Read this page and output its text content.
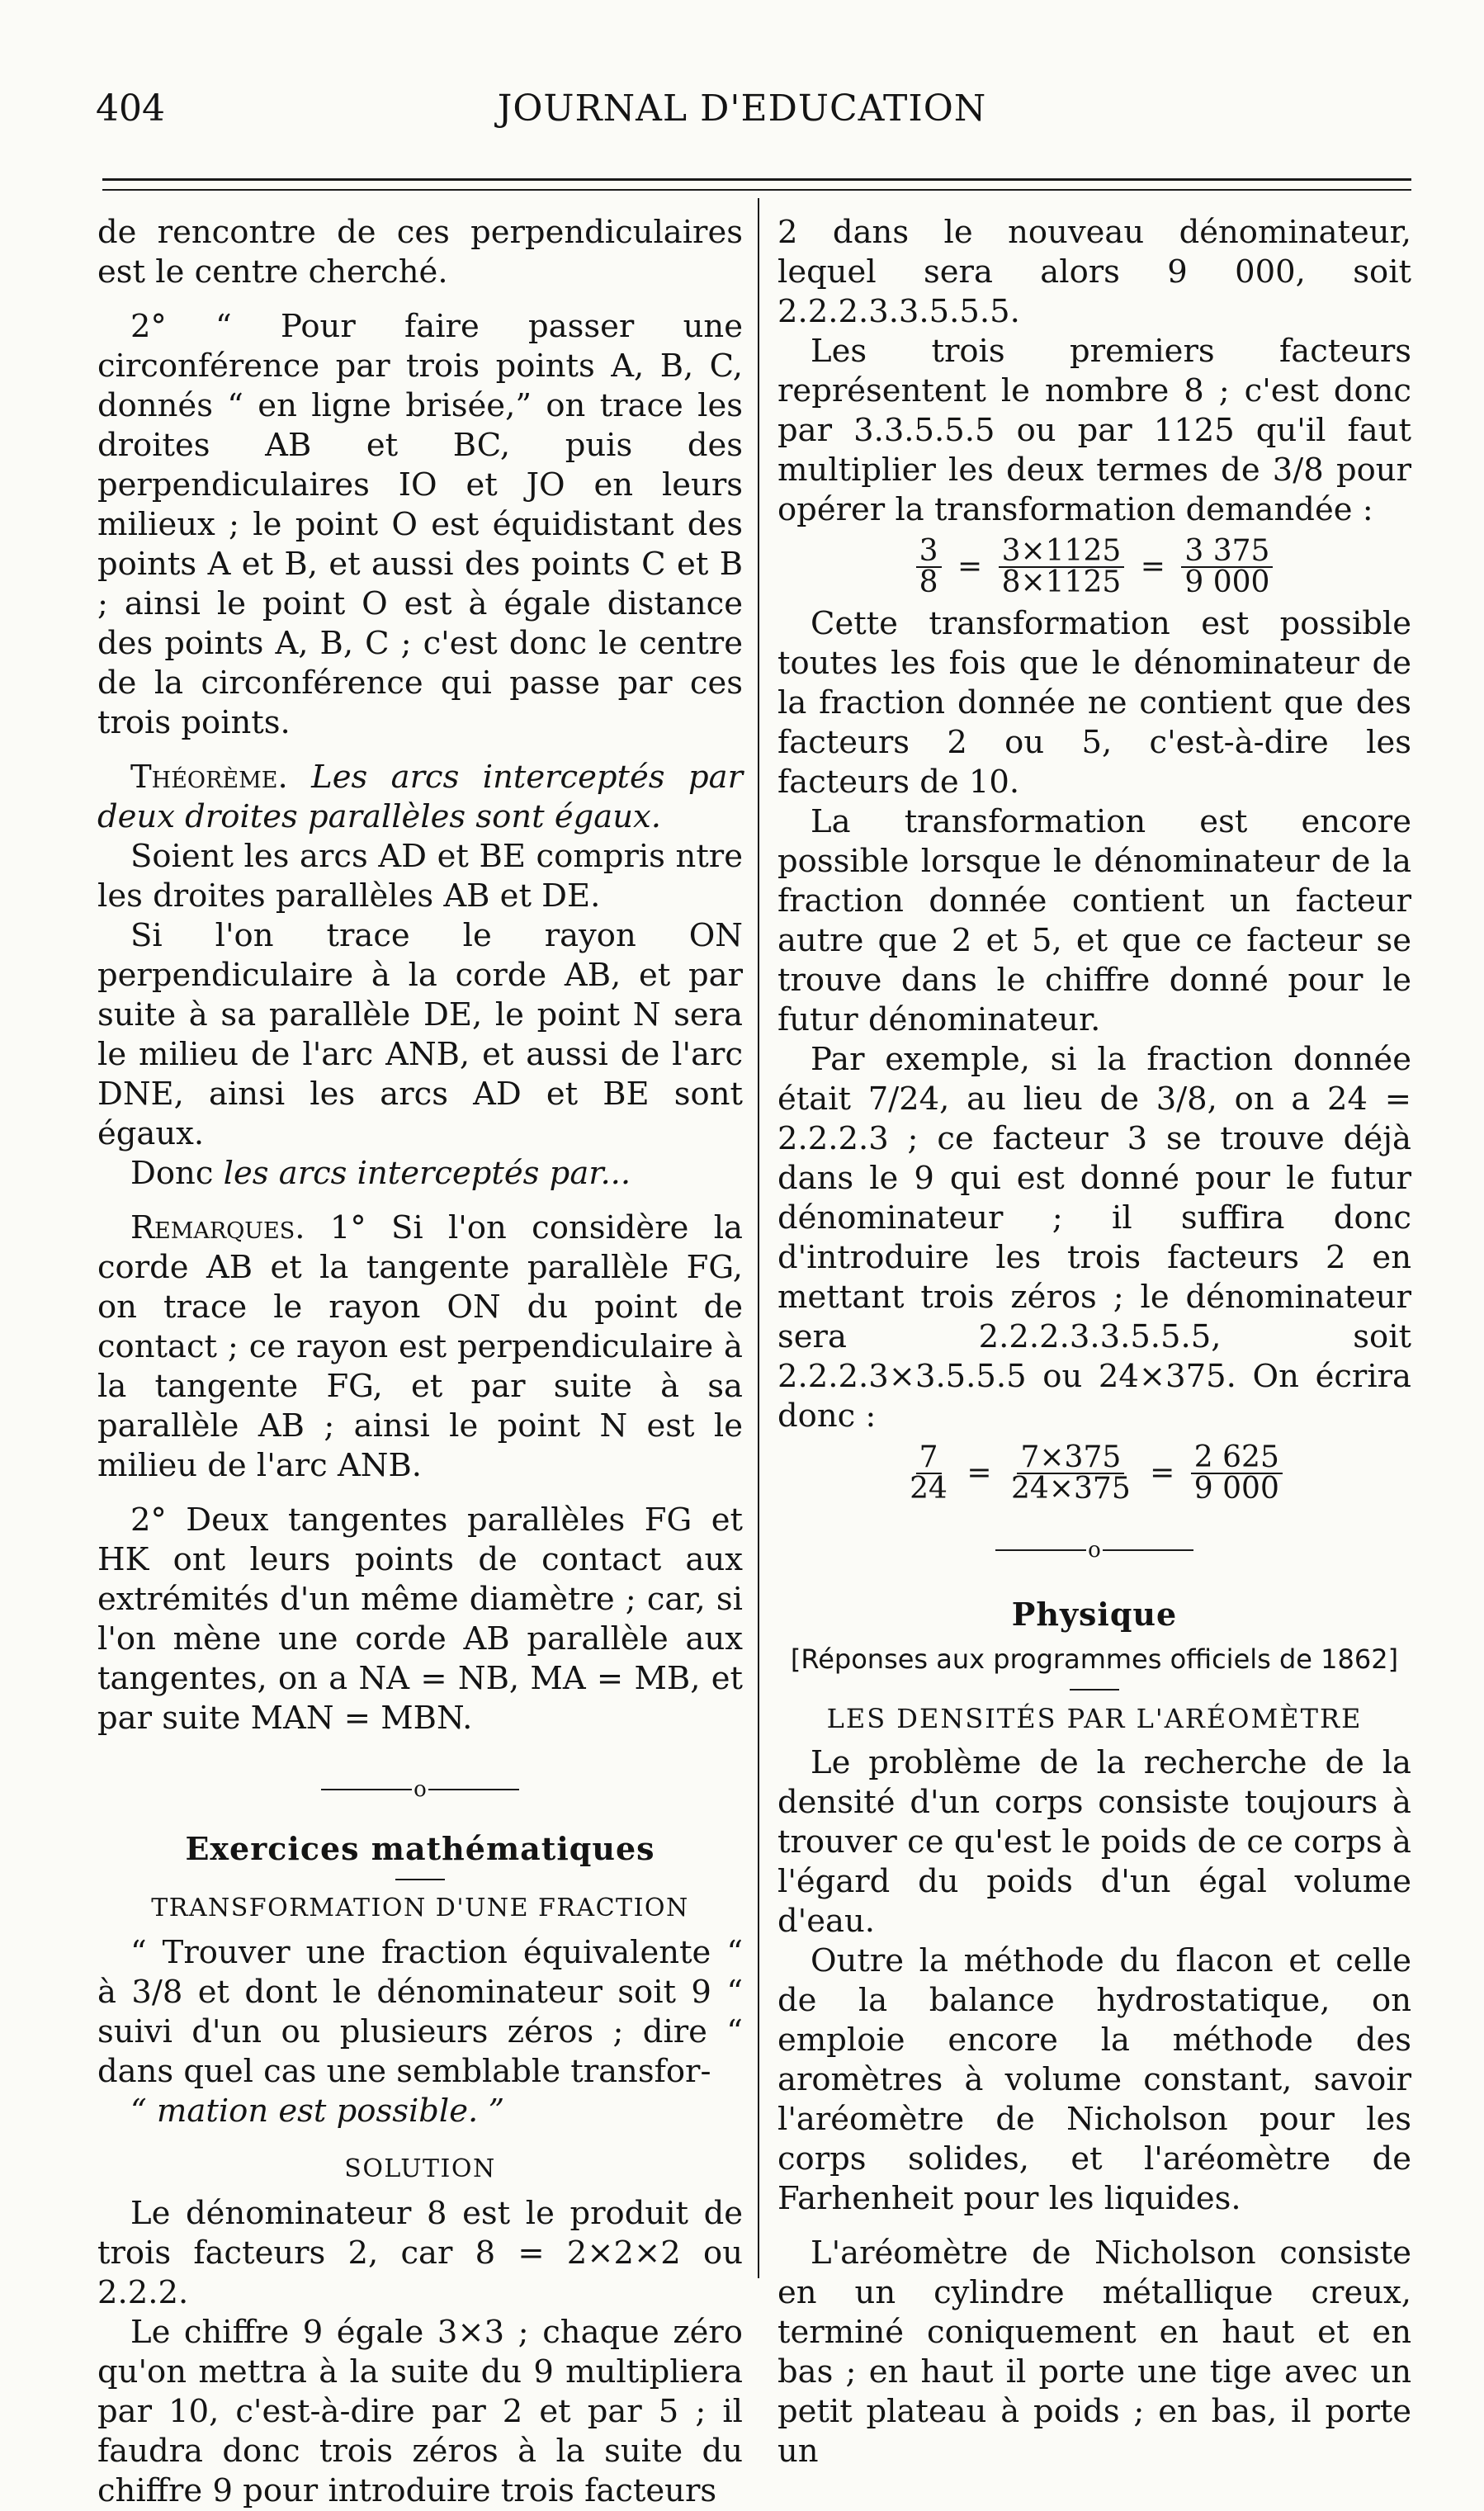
404	JOURNAL D'EDUCATION

de rencontre de ces perpendiculaires est le centre cherché.

2° “ Pour faire passer une circonférence par trois points A, B, C, donnés “ en ligne brisée,” on trace les droites AB et BC, puis des perpendiculaires IO et JO en leurs milieux ; le point O est équidistant des points A et B, et aussi des points C et B ; ainsi le point O est à égale distance des points A, B, C ; c'est donc le centre de la circonférence qui passe par ces trois points.

Théorème. Les arcs interceptés par deux droites parallèles sont égaux.

Soient les arcs AD et BE compris ntre les droites parallèles AB et DE.

Si l'on trace le rayon ON perpendiculaire à la corde AB, et par suite à sa parallèle DE, le point N sera le milieu de l'arc ANB, et aussi de l'arc DNE, ainsi les arcs AD et BE sont égaux.

Donc les arcs interceptés par...

Remarques. 1° Si l'on considère la corde AB et la tangente parallèle FG, on trace le rayon ON du point de contact ; ce rayon est perpendiculaire à la tangente FG, et par suite à sa parallèle AB ; ainsi le point N est le milieu de l'arc ANB.

2° Deux tangentes parallèles FG et HK ont leurs points de contact aux extrémités d'un même diamètre ; car, si l'on mène une corde AB parallèle aux tangentes, on a NA = NB, MA = MB, et par suite MAN = MBN.

o
Exercices mathématiques
TRANSFORMATION D'UNE FRACTION

“ Trouver une fraction équivalente “ à 3/8 et dont le dénominateur soit 9 “ suivi d'un ou plusieurs zéros ; dire “ dans quel cas une semblable transfor-

“ mation est possible. ”

SOLUTION

Le dénominateur 8 est le produit de trois facteurs 2, car 8 = 2×2×2 ou 2.2.2.

Le chiffre 9 égale 3×3 ; chaque zéro qu'on mettra à la suite du 9 multipliera par 10, c'est-à-dire par 2 et par 5 ; il faudra donc trois zéros à la suite du chiffre 9 pour introduire trois facteurs

2 dans le nouveau dénominateur, lequel sera alors 9 000, soit 2.2.2.3.3.5.5.5.

Les trois premiers facteurs représentent le nombre 8 ; c'est donc par 3.3.5.5.5 ou par 1125 qu'il faut multiplier les deux termes de 3/8 pour opérer la transformation demandée :

$\frac{3}{8} = \frac{3\times 1125}{8\times 1125} = \frac{3 375}{9 000}$

Cette transformation est possible toutes les fois que le dénominateur de la fraction donnée ne contient que des facteurs 2 ou 5, c'est-à-dire les facteurs de 10.

La transformation est encore possible lorsque le dénominateur de la fraction donnée contient un facteur autre que 2 et 5, et que ce facteur se trouve dans le chiffre donné pour le futur dénominateur.

Par exemple, si la fraction donnée était 7/24, au lieu de 3/8, on a 24 = 2.2.2.3 ; ce facteur 3 se trouve déjà dans le 9 qui est donné pour le futur dénominateur ; il suffira donc d'introduire les trois facteurs 2 en mettant trois zéros ; le dénominateur sera 2.2.2.3.3.5.5.5, soit 2.2.2.3×3.5.5.5 ou 24×375. On écrira donc :

$\frac{7}{24} = \frac{7\times 375}{24\times 375} = \frac{2 625}{9 000}$
o
Physique
[Réponses aux programmes officiels de 1862]
LES DENSITÉS PAR L'ARÉOMÈTRE

Le problème de la recherche de la densité d'un corps consiste toujours à trouver ce qu'est le poids de ce corps à l'égard du poids d'un égal volume d'eau.

Outre la méthode du flacon et celle de la balance hydrostatique, on emploie encore la méthode des aromètres à volume constant, savoir l'aréomètre de Nicholson pour les corps solides, et l'aréomètre de Farhenheit pour les liquides.

L'aréomètre de Nicholson consiste en un cylindre métallique creux, terminé coniquement en haut et en bas ; en haut il porte une tige avec un petit plateau à poids ; en bas, il porte un
